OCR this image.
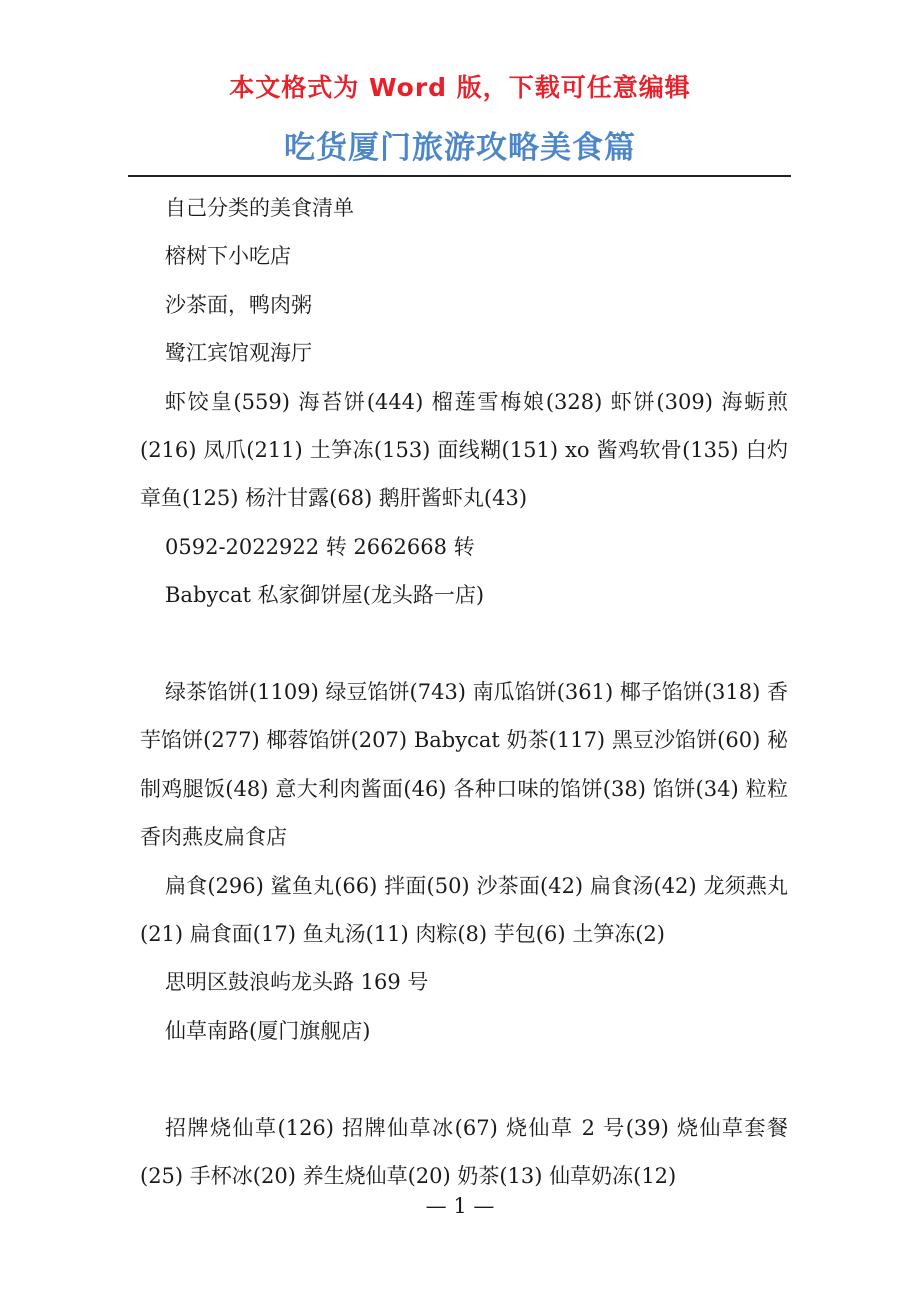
本文格式为 Word 版，下载可任意编辑
吃货厦门旅游攻略美食篇

自己分类的美食清单

榕树下小吃店

沙茶面，鸭肉粥

鹭江宾馆观海厅

虾饺皇(559) 海苔饼(444) 榴莲雪梅娘(328) 虾饼(309) 海蛎煎(216) 凤爪(211) 土笋冻(153) 面线糊(151) xo 酱鸡软骨(135) 白灼章鱼(125) 杨汁甘露(68) 鹅肝酱虾丸(43)

0592-2022922 转 2662668 转

Babycat 私家御饼屋(龙头路一店)

绿茶馅饼(1109) 绿豆馅饼(743) 南瓜馅饼(361) 椰子馅饼(318) 香芋馅饼(277) 椰蓉馅饼(207) Babycat 奶茶(117) 黑豆沙馅饼(60) 秘制鸡腿饭(48) 意大利肉酱面(46) 各种口味的馅饼(38) 馅饼(34) 粒粒香肉燕皮扁食店

扁食(296) 鲨鱼丸(66) 拌面(50) 沙茶面(42) 扁食汤(42) 龙须燕丸(21) 扁食面(17) 鱼丸汤(11) 肉粽(8) 芋包(6) 土笋冻(2)

思明区鼓浪屿龙头路 169 号

仙草南路(厦门旗舰店)

招牌烧仙草(126) 招牌仙草冰(67) 烧仙草 2 号(39) 烧仙草套餐(25) 手杯冰(20) 养生烧仙草(20) 奶茶(13) 仙草奶冻(12)

— 1 —
